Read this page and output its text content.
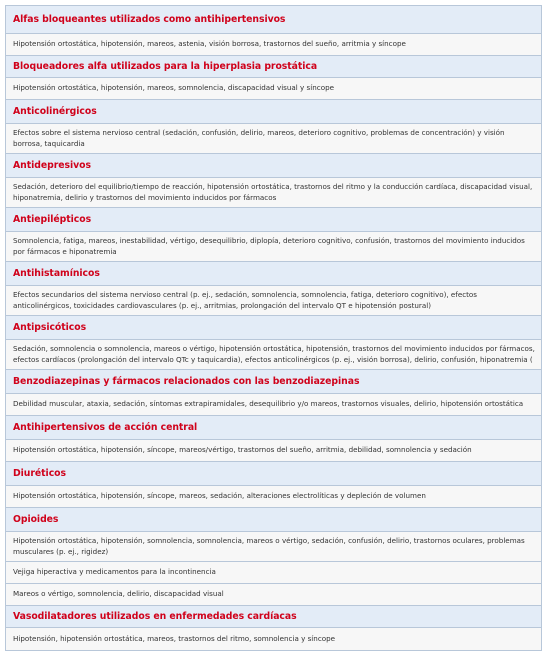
Alfas bloqueantes utilizados como antihipertensivos
Hipotensión ortostática, hipotensión, mareos, astenia, visión borrosa, trastornos del sueño, arritmia y síncope
Bloqueadores alfa utilizados para la hiperplasia prostática
Hipotensión ortostática, hipotensión, mareos, somnolencia, discapacidad visual y síncope
Anticolinérgicos
Efectos sobre el sistema nervioso central (sedación, confusión, delirio, mareos, deterioro cognitivo, problemas de concentración) y visión borrosa, taquicardia
Antidepresivos
Sedación, deterioro del equilibrio/tiempo de reacción, hipotensión ortostática, trastornos del ritmo y la conducción cardíaca, discapacidad visual, hiponatremia, delirio y trastornos del movimiento inducidos por fármacos
Antiepilépticos
Somnolencia, fatiga, mareos, inestabilidad, vértigo, desequilibrio, diplopía, deterioro cognitivo, confusión, trastornos del movimiento inducidos por fármacos e hiponatremia
Antihistamínicos
Efectos secundarios del sistema nervioso central (p. ej., sedación, somnolencia, somnolencia, fatiga, deterioro cognitivo), efectos anticolinérgicos, toxicidades cardiovasculares (p. ej., arritmias, prolongación del intervalo QT e hipotensión postural)
Antipsicóticos
Sedación, somnolencia o somnolencia, mareos o vértigo, hipotensión ortostática, hipotensión, trastornos del movimiento inducidos por fármacos, efectos cardíacos (prolongación del intervalo QTc y taquicardia), efectos anticolinérgicos (p. ej., visión borrosa), delirio, confusión, hiponatremia (
Benzodiazepinas y fármacos relacionados con las benzodiazepinas
Debilidad muscular, ataxia, sedación, síntomas extrapiramidales, desequilibrio y/o mareos, trastornos visuales, delirio, hipotensión ortostática
Antihipertensivos de acción central
Hipotensión ortostática, hipotensión, síncope, mareos/vértigo, trastornos del sueño, arritmia, debilidad, somnolencia y sedación
Diuréticos
Hipotensión ortostática, hipotensión, síncope, mareos, sedación, alteraciones electrolíticas y depleción de volumen
Opioides
Hipotensión ortostática, hipotensión, somnolencia, somnolencia, mareos o vértigo, sedación, confusión, delirio, trastornos oculares, problemas musculares (p. ej., rigidez)
Vejiga hiperactiva y medicamentos para la incontinencia
Mareos o vértigo, somnolencia, delirio, discapacidad visual
Vasodilatadores utilizados en enfermedades cardíacas
Hipotensión, hipotensión ortostática, mareos, trastornos del ritmo, somnolencia y síncope
